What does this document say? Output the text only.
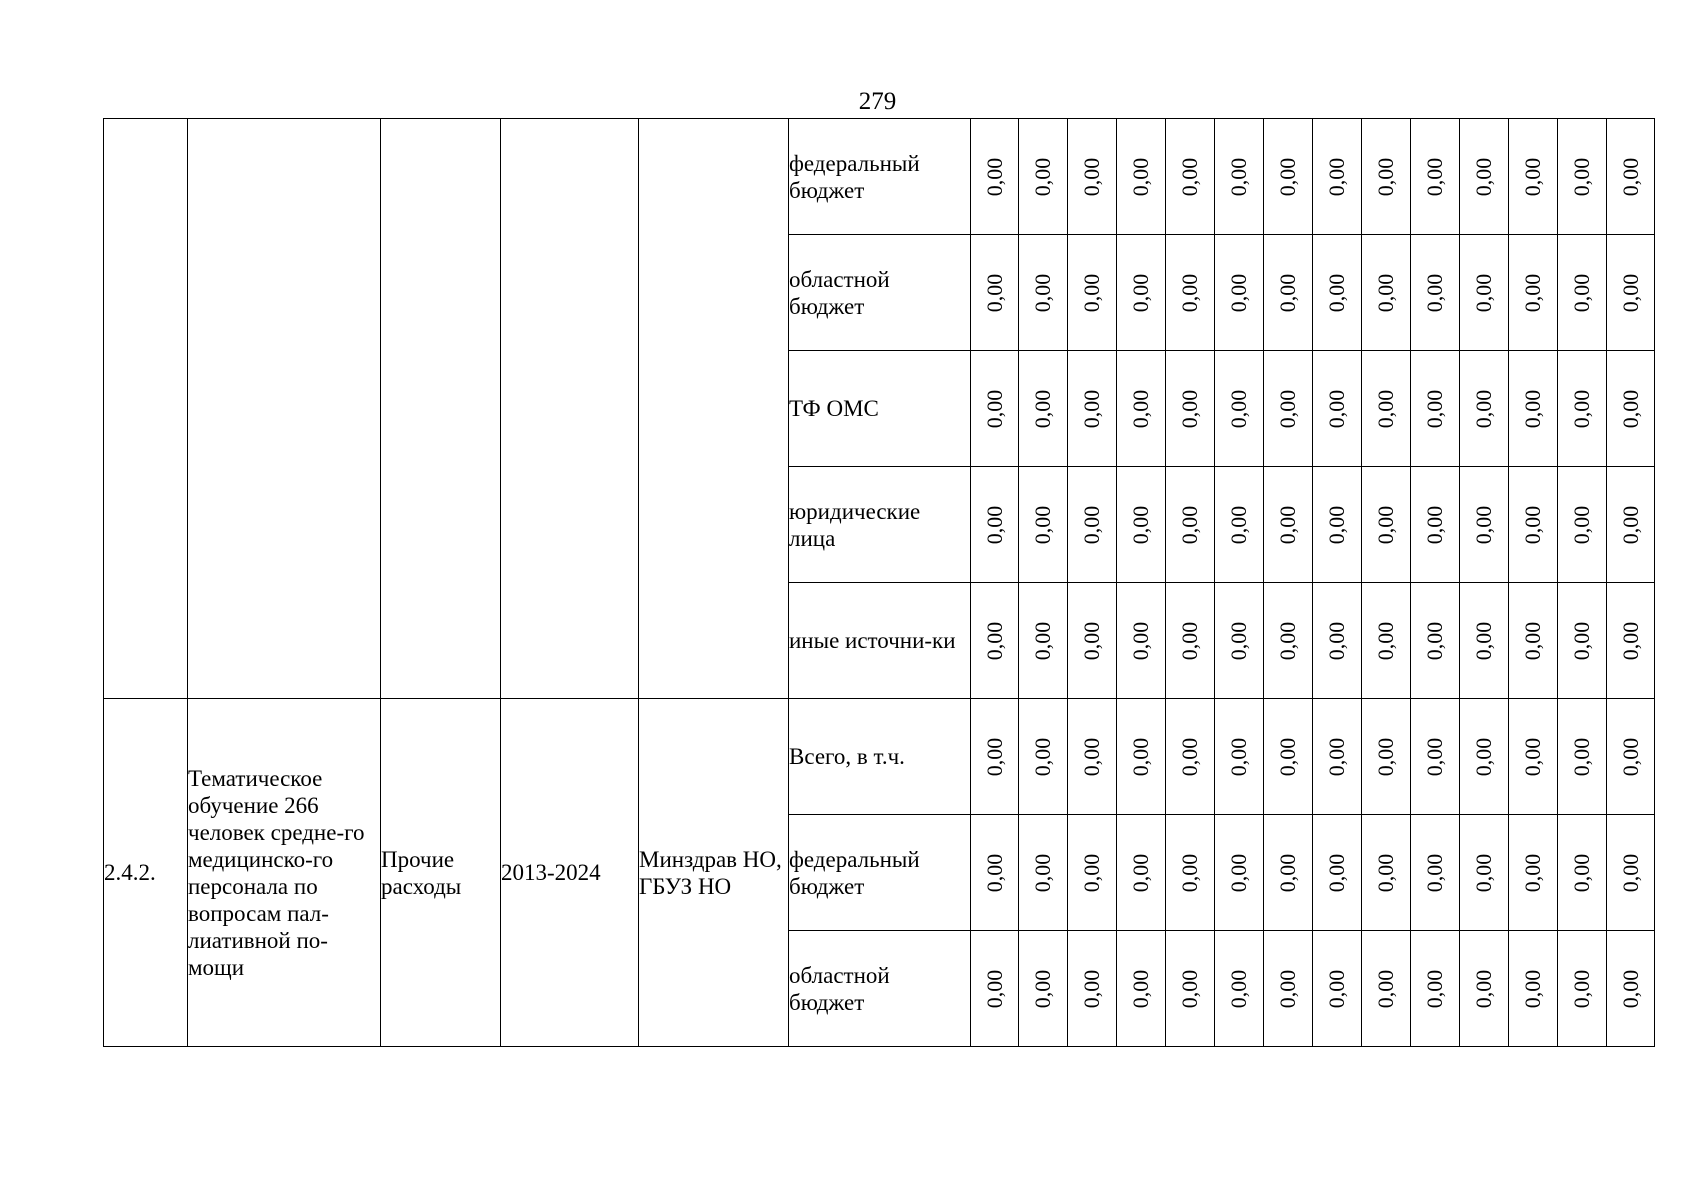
279
					федеральный бюджет	0,00	0,00	0,00	0,00	0,00	0,00	0,00	0,00	0,00	0,00	0,00	0,00	0,00	0,00

					областной бюджет	0,00	0,00	0,00	0,00	0,00	0,00	0,00	0,00	0,00	0,00	0,00	0,00	0,00	0,00

					ТФ ОМС	0,00	0,00	0,00	0,00	0,00	0,00	0,00	0,00	0,00	0,00	0,00	0,00	0,00	0,00

					юридические лица	0,00	0,00	0,00	0,00	0,00	0,00	0,00	0,00	0,00	0,00	0,00	0,00	0,00	0,00

					иные источни-ки	0,00	0,00	0,00	0,00	0,00	0,00	0,00	0,00	0,00	0,00	0,00	0,00	0,00	0,00

2.4.2.	Тематическое обучение 266 человек средне-го медицинско-го персонала по вопросам пал-лиативной по-мощи	Прочие расходы	2013-2024	Минздрав НО, ГБУЗ НО	Всего, в т.ч.	0,00	0,00	0,00	0,00	0,00	0,00	0,00	0,00	0,00	0,00	0,00	0,00	0,00	0,00

					федеральный бюджет	0,00	0,00	0,00	0,00	0,00	0,00	0,00	0,00	0,00	0,00	0,00	0,00	0,00	0,00

					областной бюджет	0,00	0,00	0,00	0,00	0,00	0,00	0,00	0,00	0,00	0,00	0,00	0,00	0,00	0,00
